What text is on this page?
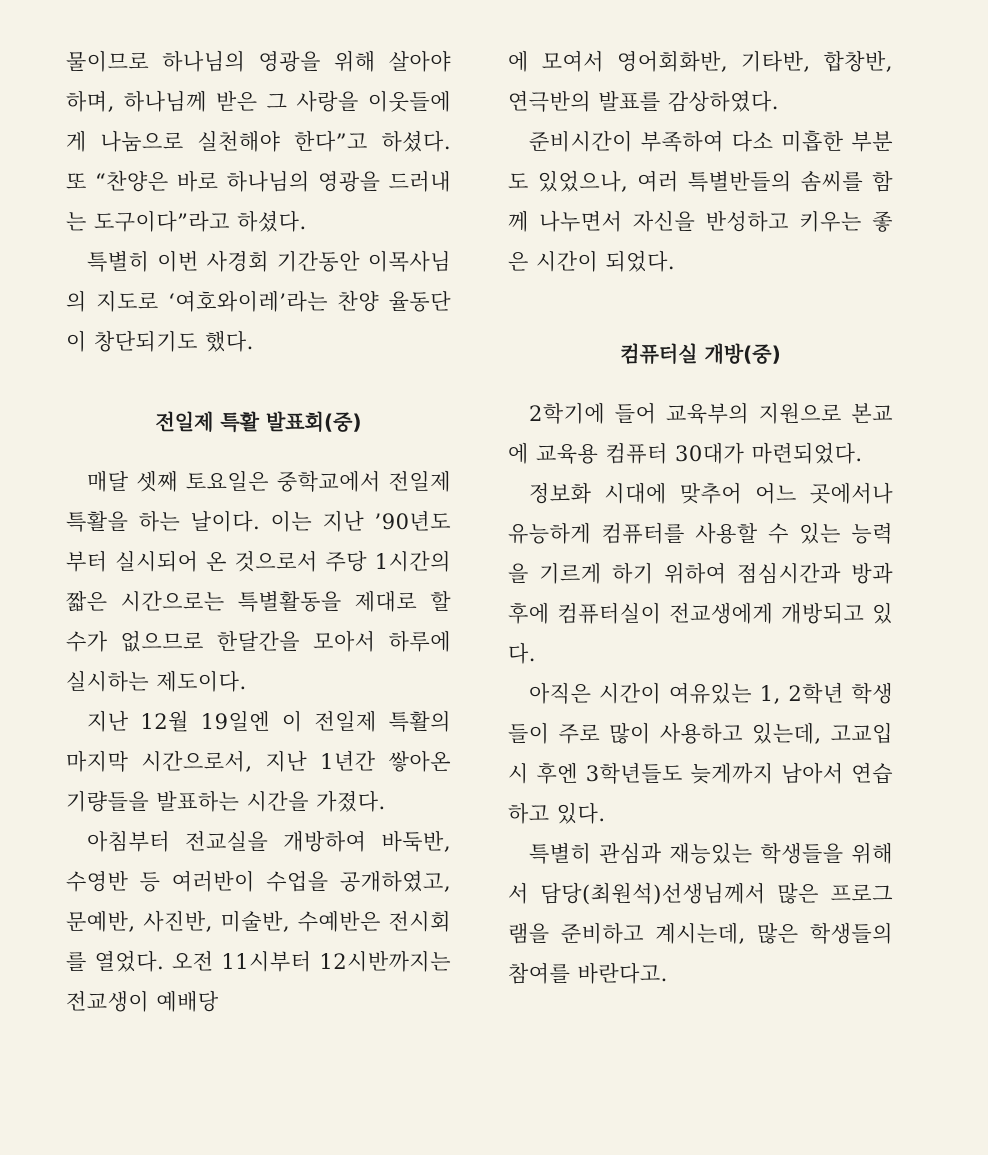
물이므로 하나님의 영광을 위해 살아야 하며, 하나님께 받은 그 사랑을 이웃들에게 나눔으로 실천해야 한다”고 하셨다. 또 “찬양은 바로 하나님의 영광을 드러내는 도구이다”라고 하셨다.

특별히 이번 사경회 기간동안 이목사님의 지도로 ‘여호와이레’라는 찬양 율동단이 창단되기도 했다.

전일제 특활 발표회(중)

매달 셋째 토요일은 중학교에서 전일제 특활을 하는 날이다. 이는 지난 ’90년도부터 실시되어 온 것으로서 주당 1시간의 짧은 시간으로는 특별활동을 제대로 할 수가 없으므로 한달간을 모아서 하루에 실시하는 제도이다.

지난 12월 19일엔 이 전일제 특활의 마지막 시간으로서, 지난 1년간 쌓아온 기량들을 발표하는 시간을 가졌다.

아침부터 전교실을 개방하여 바둑반, 수영반 등 여러반이 수업을 공개하였고, 문예반, 사진반, 미술반, 수예반은 전시회를 열었다. 오전 11시부터 12시반까지는 전교생이 예배당

에 모여서 영어회화반, 기타반, 합창반, 연극반의 발표를 감상하였다.

준비시간이 부족하여 다소 미흡한 부분도 있었으나, 여러 특별반들의 솜씨를 함께 나누면서 자신을 반성하고 키우는 좋은 시간이 되었다.

컴퓨터실 개방(중)

2학기에 들어 교육부의 지원으로 본교에 교육용 컴퓨터 30대가 마련되었다.

정보화 시대에 맞추어 어느 곳에서나 유능하게 컴퓨터를 사용할 수 있는 능력을 기르게 하기 위하여 점심시간과 방과후에 컴퓨터실이 전교생에게 개방되고 있다.

아직은 시간이 여유있는 1, 2학년 학생들이 주로 많이 사용하고 있는데, 고교입시 후엔 3학년들도 늦게까지 남아서 연습하고 있다.

특별히 관심과 재능있는 학생들을 위해서 담당(최원석)선생님께서 많은 프로그램을 준비하고 계시는데, 많은 학생들의 참여를 바란다고.
